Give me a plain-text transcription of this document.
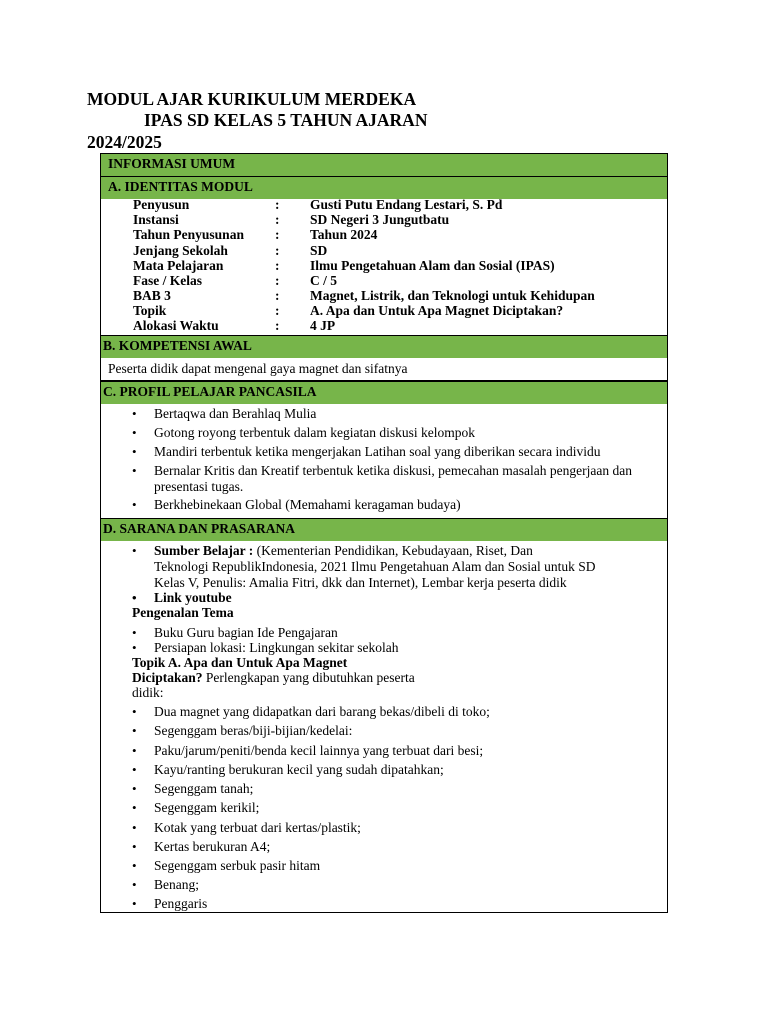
MODUL AJAR KURIKULUM MERDEKA
IPAS SD KELAS 5 TAHUN AJARAN
2024/2025
INFORMASI UMUM
A. IDENTITAS MODUL
Penyusun	: Gusti Putu Endang Lestari, S. Pd
Instansi	: SD Negeri 3 Jungutbatu
Tahun Penyusunan : Tahun 2024
Jenjang Sekolah	: SD
Mata Pelajaran	: Ilmu Pengetahuan Alam dan Sosial (IPAS)
Fase / Kelas	: C / 5
BAB 3	: Magnet, Listrik, dan Teknologi untuk Kehidupan
Topik	: A. Apa dan Untuk Apa Magnet Diciptakan?
Alokasi Waktu	: 4 JP
B. KOMPETENSI AWAL
Peserta didik dapat mengenal gaya magnet dan sifatnya
C. PROFIL PELAJAR PANCASILA
• Bertaqwa dan Berahlaq Mulia
• Gotong royong terbentuk dalam kegiatan diskusi kelompok
• Mandiri terbentuk ketika mengerjakan Latihan soal yang diberikan secara individu
• Bernalar Kritis dan Kreatif terbentuk ketika diskusi, pemecahan masalah pengerjaan dan
presentasi tugas.
• Berkhebinekaan Global (Memahami keragaman budaya)
D. SARANA DAN PRASARANA
• Sumber Belajar : (Kementerian Pendidikan, Kebudayaan, Riset, Dan
Teknologi RepublikIndonesia, 2021 Ilmu Pengetahuan Alam dan Sosial untuk SD
Kelas V, Penulis: Amalia Fitri, dkk dan Internet), Lembar kerja peserta didik
• Link youtube
Pengenalan Tema
• Buku Guru bagian Ide Pengajaran
• Persiapan lokasi: Lingkungan sekitar sekolah
Topik A. Apa dan Untuk Apa Magnet
Diciptakan? Perlengkapan yang dibutuhkan peserta
didik:
• Dua magnet yang didapatkan dari barang bekas/dibeli di toko;
• Segenggam beras/biji-bijian/kedelai:
• Paku/jarum/peniti/benda kecil lainnya yang terbuat dari besi;
• Kayu/ranting berukuran kecil yang sudah dipatahkan;
• Segenggam tanah;
• Segenggam kerikil;
• Kotak yang terbuat dari kertas/plastik;
• Kertas berukuran A4;
• Segenggam serbuk pasir hitam
• Benang;
• Penggaris
